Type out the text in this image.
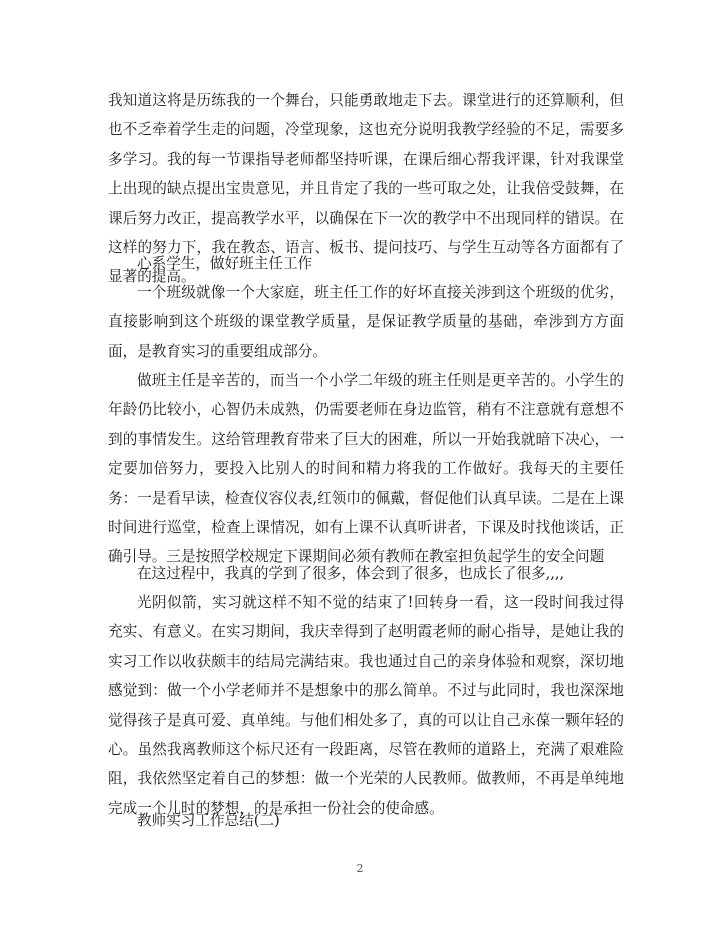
我知道这将是历练我的一个舞台，只能勇敢地走下去。课堂进行的还算顺利，但也不乏牵着学生走的问题，冷堂现象，这也充分说明我教学经验的不足，需要多多学习。我的每一节课指导老师都坚持听课，在课后细心帮我评课，针对我课堂上出现的缺点提出宝贵意见，并且肯定了我的一些可取之处，让我倍受鼓舞，在课后努力改正，提高教学水平，以确保在下一次的教学中不出现同样的错误。在这样的努力下，我在教态、语言、板书、提问技巧、与学生互动等各方面都有了显著的提高。
心系学生，做好班主任工作
一个班级就像一个大家庭，班主任工作的好坏直接关涉到这个班级的优劣，直接影响到这个班级的课堂教学质量，是保证教学质量的基础，牵涉到方方面面，是教育实习的重要组成部分。
做班主任是辛苦的，而当一个小学二年级的班主任则是更辛苦的。小学生的年龄仍比较小，心智仍未成熟，仍需要老师在身边监管，稍有不注意就有意想不到的事情发生。这给管理教育带来了巨大的困难，所以一开始我就暗下决心，一定要加倍努力，要投入比别人的时间和精力将我的工作做好。我每天的主要任务：一是看早读，检查仪容仪表,红领巾的佩戴，督促他们认真早读。二是在上课时间进行巡堂，检查上课情况，如有上课不认真听讲者，下课及时找他谈话，正确引导。三是按照学校规定下课期间必须有教师在教室担负起学生的安全问题
在这过程中，我真的学到了很多，体会到了很多，也成长了很多,,,,
光阴似箭，实习就这样不知不觉的结束了!回转身一看，这一段时间我过得充实、有意义。在实习期间，我庆幸得到了赵明霞老师的耐心指导，是她让我的实习工作以收获颇丰的结局完满结束。我也通过自己的亲身体验和观察，深切地感觉到：做一个小学老师并不是想象中的那么简单。不过与此同时，我也深深地觉得孩子是真可爱、真单纯。与他们相处多了，真的可以让自己永葆一颗年轻的心。虽然我离教师这个标尺还有一段距离，尽管在教师的道路上，充满了艰难险阻，我依然坚定着自己的梦想：做一个光荣的人民教师。做教师，不再是单纯地完成一个儿时的梦想，的是承担一份社会的使命感。
教师实习工作总结(二)
2
